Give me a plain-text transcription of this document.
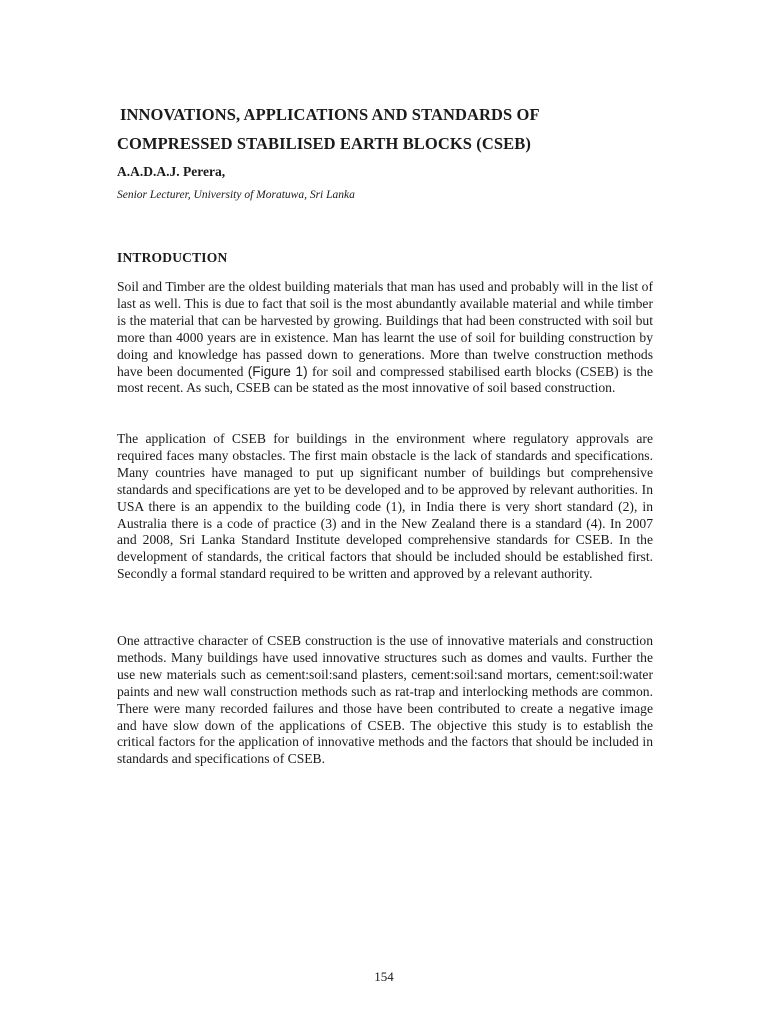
INNOVATIONS, APPLICATIONS AND STANDARDS OF
COMPRESSED STABILISED EARTH BLOCKS (CSEB)

A.A.D.A.J. Perera,

Senior Lecturer, University of Moratuwa, Sri Lanka

INTRODUCTION

Soil and Timber are the oldest building materials that man has used and probably will in the list of last as well. This is due to fact that soil is the most abundantly available material and while timber is the material that can be harvested by growing. Buildings that had been constructed with soil but more than 4000 years are in existence. Man has learnt the use of soil for building construction by doing and knowledge has passed down to generations. More than twelve construction methods have been documented (Figure 1) for soil and compressed stabilised earth blocks (CSEB) is the most recent. As such, CSEB can be stated as the most innovative of soil based construction.

The application of CSEB for buildings in the environment where regulatory approvals are required faces many obstacles. The first main obstacle is the lack of standards and specifications. Many countries have managed to put up significant number of buildings but comprehensive standards and specifications are yet to be developed and to be approved by relevant authorities. In USA there is an appendix to the building code (1), in India there is very short standard (2), in Australia there is a code of practice (3) and in the New Zealand there is a standard (4). In 2007 and 2008, Sri Lanka Standard Institute developed comprehensive standards for CSEB. In the development of standards, the critical factors that should be included should be established first. Secondly a formal standard required to be written and approved by a relevant authority.

One attractive character of CSEB construction is the use of innovative materials and construction methods. Many buildings have used innovative structures such as domes and vaults. Further the use new materials such as cement:soil:sand plasters, cement:soil:sand mortars, cement:soil:water paints and new wall construction methods such as rat-trap and interlocking methods are common. There were many recorded failures and those have been contributed to create a negative image and have slow down of the applications of CSEB. The objective this study is to establish the critical factors for the application of innovative methods and the factors that should be included in standards and specifications of CSEB.

154
